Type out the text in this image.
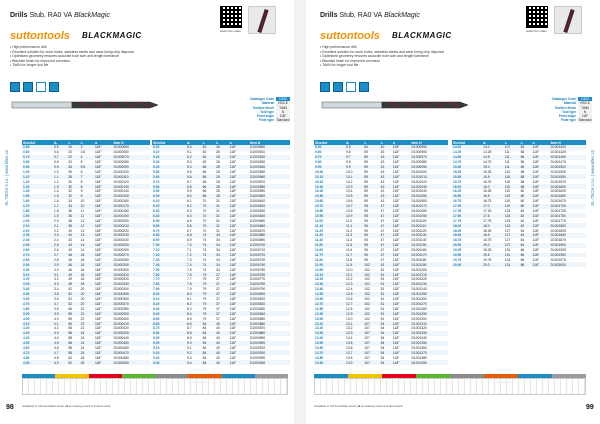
Drills Stub, RA0 VA BlackMagic
watch the video
suttontools BLACKMAGIC
• High performance drill
• Excellent solution for worn holes, stainless steels and wear lining chip disposal
• Optimised geometry ensures accurate hole size and length tolerance
• Blackish finish for improved corrosion
• TiAlN for longer tool life
Catalogue Code	D100
Material	HSS-E
Surface finish	TiAlN
Tool type	N
Point angle	118°
Flute type Standard
Size/Art	d₁	l₁	l₂	α	Item N
0.50	0.5	20	3	118°	D1000050
0.60	0.6	20	3.5	118°	D1000060
0.70	0.7	22	4	118°	D1000070
0.80	0.8	24	5	118°	D1000080
0.90	0.9	26	5.5	118°	D1000090
1.00	1.0	26	6	118°	D1000100
1.10	1.1	28	7	118°	D1000110
1.20	1.2	30	8	118°	D1000120
1.30	1.3	30	8	118°	D1000130
1.40	1.4	32	9	118°	D1000140
1.50	1.5	32	9	118°	D1000150
1.60	1.6	34	10	118°	D1000160
1.70	1.7	34	10	118°	D1000170
1.80	1.8	36	11	118°	D1000180
1.90	1.9	36	11	118°	D1000190
2.00	2.0	38	12	118°	D1000200
2.10	2.1	38	12	118°	D1000210
2.20	2.2	40	13	118°	D1000220
2.30	2.3	40	13	118°	D1000230
2.40	2.4	43	14	118°	D1000240
2.50	2.5	43	14	118°	D1000250
2.60	2.6	43	14	118°	D1000260
2.70	2.7	46	16	118°	D1000270
2.80	2.8	46	16	118°	D1000280
2.90	2.9	46	16	118°	D1000290
3.00	3.0	46	16	118°	D1000300
3.10	3.1	49	18	118°	D1000310
3.20	3.2	49	18	118°	D1000320
3.30	3.3	49	18	118°	D1000330
3.40	3.4	52	20	118°	D1000340
3.50	3.5	52	20	118°	D1000350
3.60	3.6	52	20	118°	D1000360
3.70	3.7	52	20	118°	D1000370
3.80	3.8	55	22	118°	D1000380
3.90	3.9	55	22	118°	D1000390
4.00	4.0	55	22	118°	D1000400
4.10	4.1	55	22	118°	D1000410
4.20	4.2	55	22	118°	D1000420
4.30	4.3	58	24	118°	D1000430
4.40	4.4	58	24	118°	D1000440
4.50	4.5	58	24	118°	D1000450
4.60	4.6	58	24	118°	D1000460
4.70	4.7	58	24	118°	D1000470
4.80	4.8	62	26	118°	D1000480
4.90	4.9	62	26	118°	D1000490
Size/Art	d₁	l₁	l₂	α	Item N
5.00	5.0	62	26	118°	D1000500
5.10	5.1	62	26	118°	D1000510
5.20	5.2	62	26	118°	D1000520
5.30	5.3	62	26	118°	D1000530
5.40	5.4	66	28	118°	D1000540
5.50	5.5	66	28	118°	D1000550
5.60	5.6	66	28	118°	D1000560
5.70	5.7	66	28	118°	D1000570
5.80	5.8	66	28	118°	D1000580
5.90	5.9	66	28	118°	D1000590
6.00	6.0	66	28	118°	D1000600
6.10	6.1	70	31	118°	D1000610
6.20	6.2	70	31	118°	D1000620
6.30	6.3	70	31	118°	D1000630
6.40	6.4	70	31	118°	D1000640
6.50	6.5	70	31	118°	D1000650
6.60	6.6	70	31	118°	D1000660
6.70	6.7	70	31	118°	D1000670
6.80	6.8	74	34	118°	D1000680
6.90	6.9	74	34	118°	D1000690
7.00	7.0	74	34	118°	D1000700
7.10	7.1	74	34	118°	D1000710
7.20	7.2	74	34	118°	D1000720
7.30	7.3	74	34	118°	D1000730
7.40	7.4	74	34	118°	D1000740
7.50	7.5	74	34	118°	D1000750
7.60	7.6	79	37	118°	D1000760
7.70	7.7	79	37	118°	D1000770
7.80	7.8	79	37	118°	D1000780
7.90	7.9	79	37	118°	D1000790
8.00	8.0	79	37	118°	D1000800
8.10	8.1	79	37	118°	D1000810
8.20	8.2	79	37	118°	D1000820
8.30	8.3	79	37	118°	D1000830
8.40	8.4	79	37	118°	D1000840
8.50	8.5	79	37	118°	D1000850
8.60	8.6	84	40	118°	D1000860
8.70	8.7	84	40	118°	D1000870
8.80	8.8	84	40	118°	D1000880
8.90	8.9	84	40	118°	D1000890
9.00	9.0	84	40	118°	D1000900
9.10	9.1	84	40	118°	D1000910
9.20	9.2	84	40	118°	D1000920
9.30	9.3	84	40	118°	D1000930
9.40	9.4	84	40	118°	D1000940
KL-TECH s.r.o. | www.kltec.cz
Available in full Australian stock | ■ increasing stock ● limited stock
98
Drills Stub, RA0 VA BlackMagic
watch the video
suttontools BLACKMAGIC
• High performance drill
• Excellent solution for worn holes, stainless steels and wear lining chip disposal
• Optimised geometry ensures accurate hole size and length tolerance
• Blackish finish for improved corrosion
• TiAlN for longer tool life
Catalogue Code	D100
Material	HSS-E
Surface finish	TiAlN
Tool type	N
Point angle	118°
Flute type Standard
Size/Art	d₁	l₁	l₂	α	Item N
9.50	9.5	84	40	118°	D1000950
9.60	9.6	89	43	118°	D1000960
9.70	9.7	89	43	118°	D1000970
9.80	9.8	89	43	118°	D1000980
9.90	9.9	89	43	118°	D1000990
10.00	10.0	89	43	118°	D1001000
10.10	10.1	89	43	118°	D1001010
10.20	10.2	89	43	118°	D1001020
10.30	10.3	89	43	118°	D1001030
10.40	10.4	89	43	118°	D1001040
10.50	10.5	89	43	118°	D1001050
10.60	10.6	89	43	118°	D1001060
10.70	10.7	95	47	118°	D1001070
10.80	10.8	95	47	118°	D1001080
10.90	10.9	95	47	118°	D1001090
11.00	11.0	95	47	118°	D1001100
11.10	11.1	95	47	118°	D1001110
11.20	11.2	95	47	118°	D1001120
11.30	11.3	95	47	118°	D1001130
11.40	11.4	95	47	118°	D1001140
11.50	11.5	95	47	118°	D1001150
11.60	11.6	95	47	118°	D1001160
11.70	11.7	95	47	118°	D1001170
11.80	11.8	95	47	118°	D1001180
11.90	11.9	102	51	118°	D1001190
12.00	12.0	102	51	118°	D1001200
12.10	12.1	102	51	118°	D1001210
12.20	12.2	102	51	118°	D1001220
12.30	12.3	102	51	118°	D1001230
12.40	12.4	102	51	118°	D1001240
12.50	12.5	102	51	118°	D1001250
12.60	12.6	102	51	118°	D1001260
12.70	12.7	102	51	118°	D1001270
12.80	12.8	102	51	118°	D1001280
12.90	12.9	102	51	118°	D1001290
13.00	13.0	102	51	118°	D1001300
13.10	13.1	107	54	118°	D1001310
13.20	13.2	107	54	118°	D1001320
13.30	13.3	107	54	118°	D1001330
13.40	13.4	107	54	118°	D1001340
13.50	13.5	107	54	118°	D1001350
13.60	13.6	107	54	118°	D1001360
13.70	13.7	107	54	118°	D1001370
13.80	13.8	107	54	118°	D1001380
13.90	13.9	107	54	118°	D1001390
Size/Art	d₁	l₁	l₂	α	Item N
14.00	14.0	107	54	118°	D1001400
14.25	14.25	111	56	118°	D1001425
14.50	14.5	111	56	118°	D1001450
14.75	14.75	111	56	118°	D1001475
15.00	15.0	111	56	118°	D1001500
15.25	15.25	115	58	118°	D1001525
15.50	15.5	115	58	118°	D1001550
15.75	15.75	115	58	118°	D1001575
16.00	16.0	115	58	118°	D1001600
16.25	16.25	119	60	118°	D1001625
16.50	16.5	119	60	118°	D1001650
16.75	16.75	119	60	118°	D1001675
17.00	17.0	119	60	118°	D1001700
17.25	17.25	123	62	118°	D1001725
17.50	17.5	123	62	118°	D1001750
17.75	17.75	123	62	118°	D1001775
18.00	18.0	123	62	118°	D1001800
18.25	18.25	127	64	118°	D1001825
18.50	18.5	127	64	118°	D1001850
18.75	18.75	127	64	118°	D1001875
19.00	19.0	127	64	118°	D1001900
19.25	19.25	131	66	118°	D1001925
19.50	19.5	131	66	118°	D1001950
19.75	19.75	131	66	118°	D1001975
20.00	20.0	131	66	118°	D1002000
KL-TECH s.r.o. | www.kltec.cz
Available in full Australian stock | ■ increasing stock ● limited stock	99
